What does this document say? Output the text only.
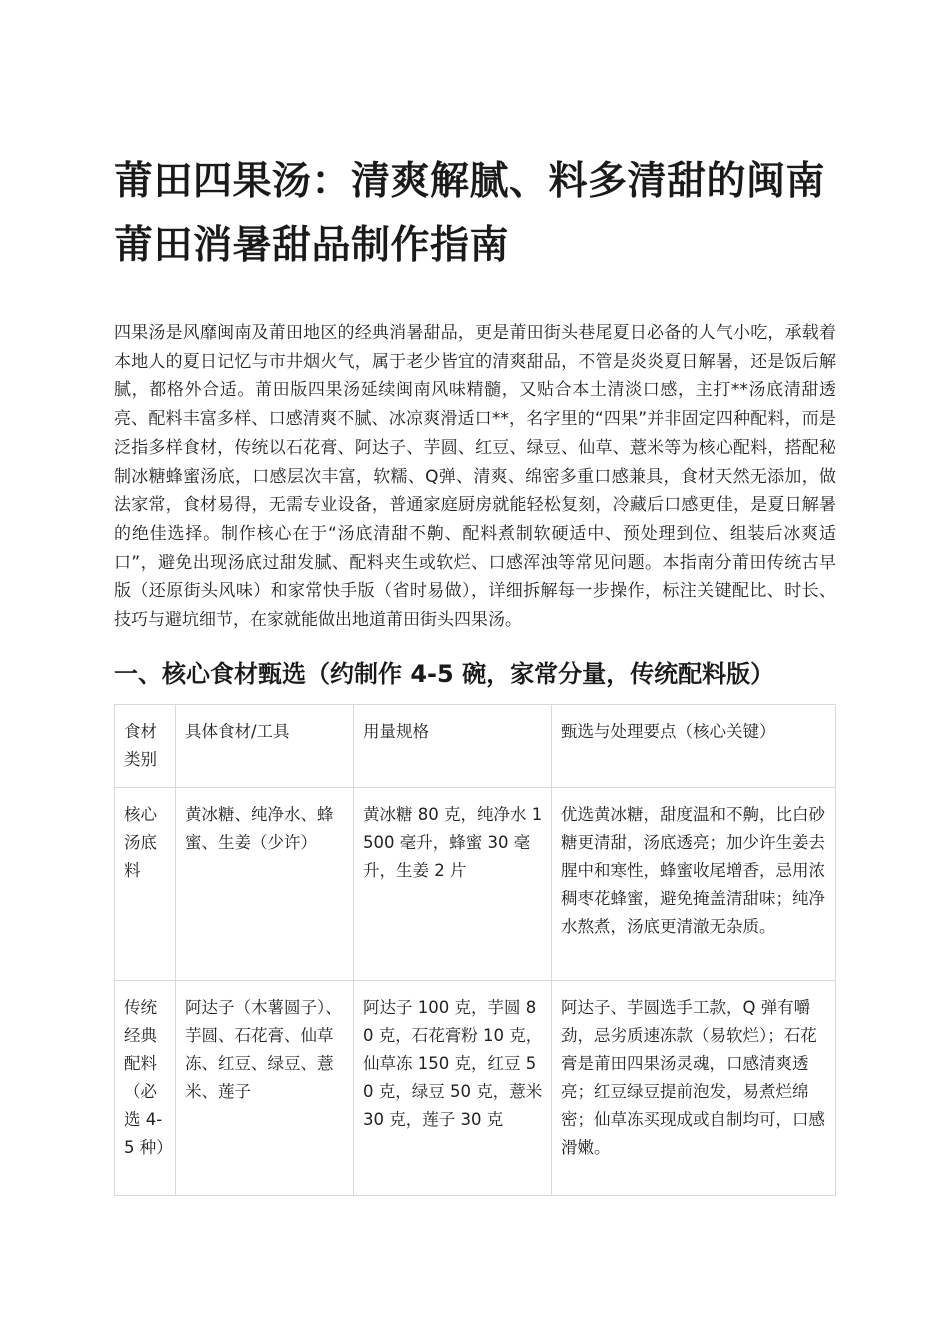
莆田四果汤：清爽解腻、料多清甜的闽南莆田消暑甜品制作指南

四果汤是风靡闽南及莆田地区的经典消暑甜品，更是莆田街头巷尾夏日必备的人气小吃，承载着本地人的夏日记忆与市井烟火气，属于老少皆宜的清爽甜品，不管是炎炎夏日解暑，还是饭后解腻，都格外合适。莆田版四果汤延续闽南风味精髓，又贴合本土清淡口感，主打**汤底清甜透亮、配料丰富多样、口感清爽不腻、冰凉爽滑适口**，名字里的“四果”并非固定四种配料，而是泛指多样食材，传统以石花膏、阿达子、芋圆、红豆、绿豆、仙草、薏米等为核心配料，搭配秘制冰糖蜂蜜汤底，口感层次丰富，软糯、Q弹、清爽、绵密多重口感兼具，食材天然无添加，做法家常，食材易得，无需专业设备，普通家庭厨房就能轻松复刻，冷藏后口感更佳，是夏日解暑的绝佳选择。制作核心在于“汤底清甜不齁、配料煮制软硬适中、预处理到位、组装后冰爽适口”，避免出现汤底过甜发腻、配料夹生或软烂、口感浑浊等常见问题。本指南分莆田传统古早版（还原街头风味）和家常快手版（省时易做），详细拆解每一步操作，标注关键配比、时长、技巧与避坑细节，在家就能做出地道莆田街头四果汤。

一、核心食材甄选（约制作 4-5 碗，家常分量，传统配料版）
食材类别	具体食材/工具	用量规格	甄选与处理要点（核心关键）
核心汤底料	黄冰糖、纯净水、蜂蜜、生姜（少许）	黄冰糖 80 克，纯净水 1500 毫升，蜂蜜 30 毫升，生姜 2 片	优选黄冰糖，甜度温和不齁，比白砂糖更清甜，汤底透亮；加少许生姜去腥中和寒性，蜂蜜收尾增香，忌用浓稠枣花蜂蜜，避免掩盖清甜味；纯净水熬煮，汤底更清澈无杂质。
传统经典配料（必选 4-5 种）	阿达子（木薯圆子）、芋圆、石花膏、仙草冻、红豆、绿豆、薏米、莲子	阿达子 100 克，芋圆 80 克，石花膏粉 10 克，仙草冻 150 克，红豆 50 克，绿豆 50 克，薏米 30 克，莲子 30 克	阿达子、芋圆选手工款，Q 弹有嚼劲，忌劣质速冻款（易软烂）；石花膏是莆田四果汤灵魂，口感清爽透亮；红豆绿豆提前泡发，易煮烂绵密；仙草冻买现成或自制均可，口感滑嫩。
